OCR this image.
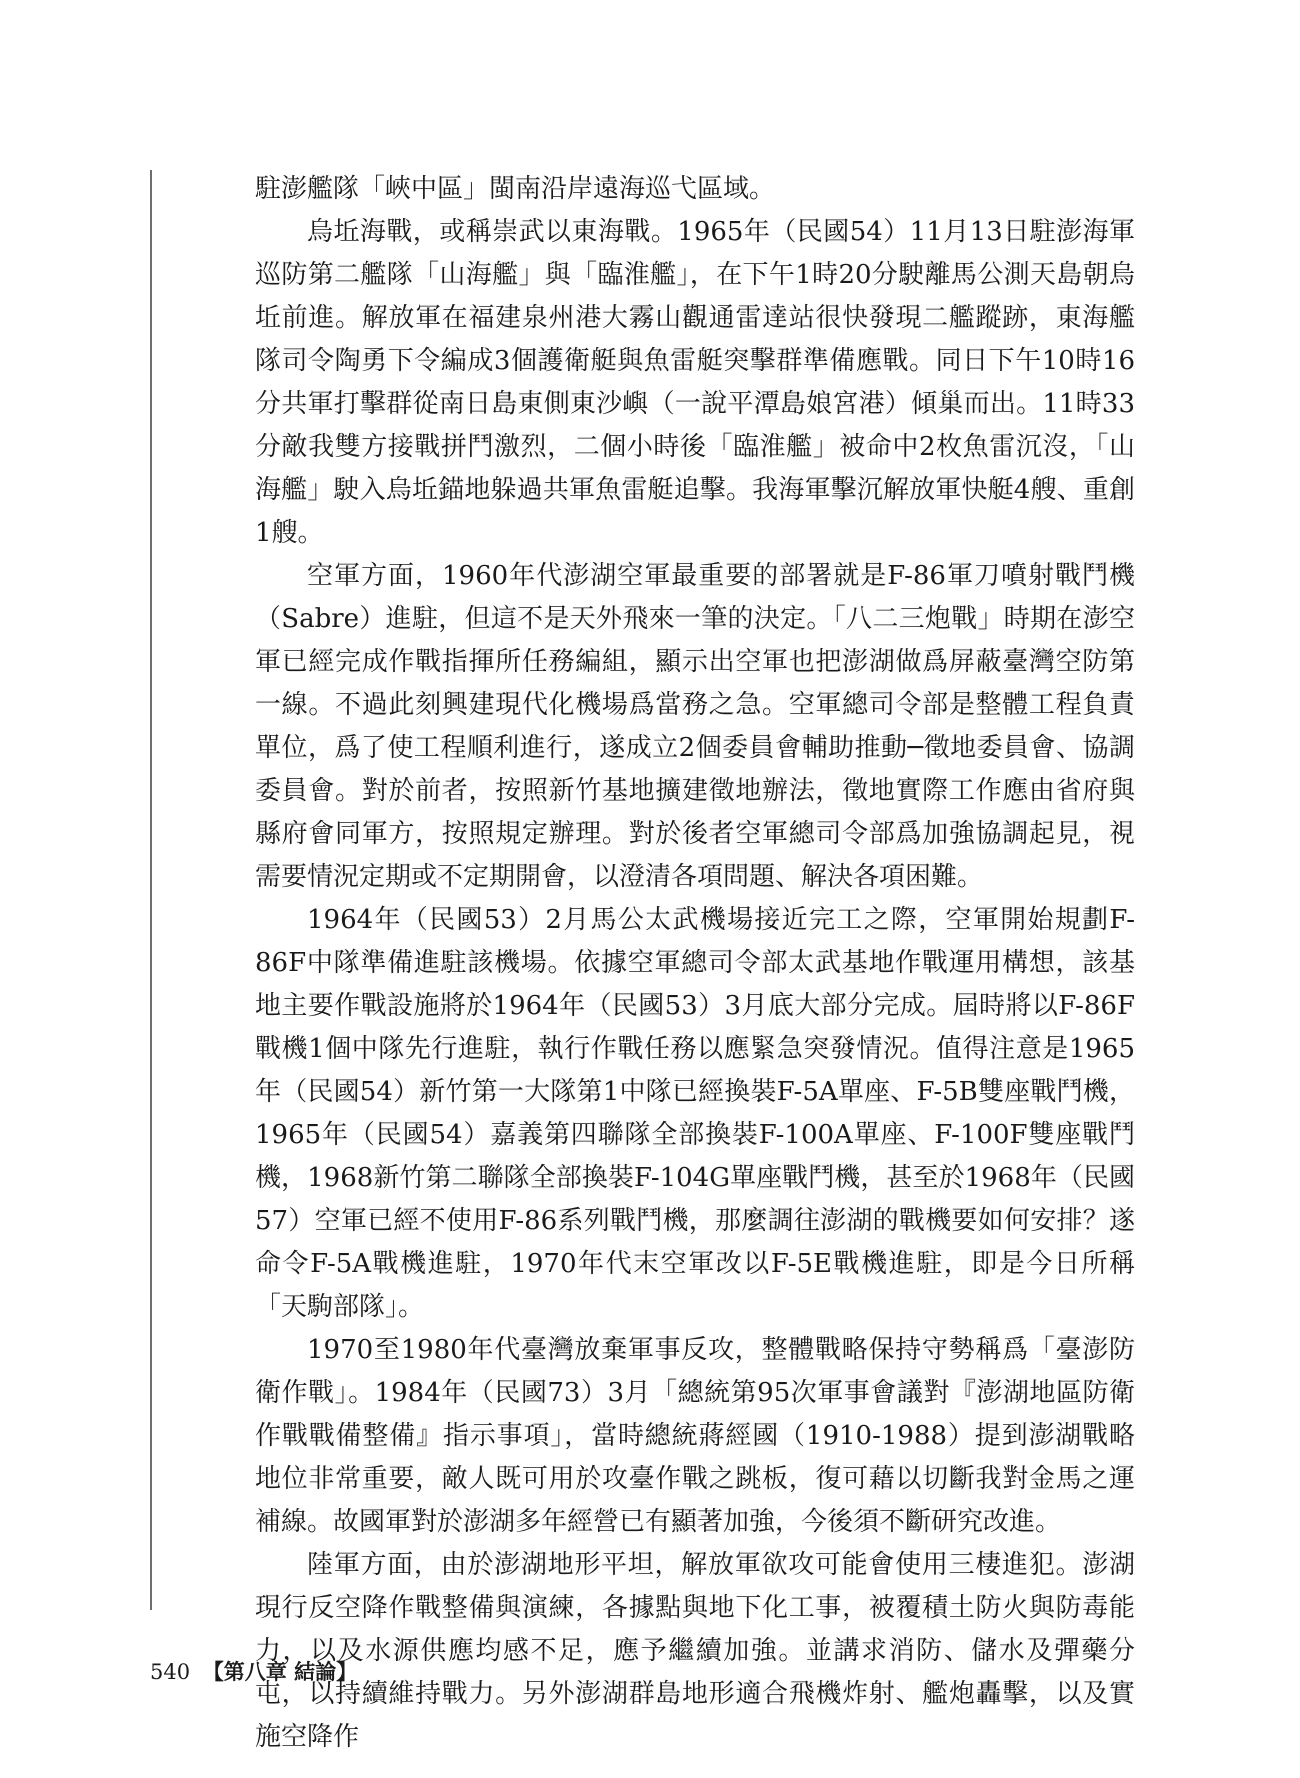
駐澎艦隊「峽中區」閩南沿岸遠海巡弋區域。

烏坵海戰，或稱崇武以東海戰。1965年（民國54）11月13日駐澎海軍巡防第二艦隊「山海艦」與「臨淮艦」，在下午1時20分駛離馬公測天島朝烏坵前進。解放軍在福建泉州港大霧山觀通雷達站很快發現二艦蹤跡，東海艦隊司令陶勇下令編成3個護衛艇與魚雷艇突擊群準備應戰。同日下午10時16分共軍打擊群從南日島東側東沙嶼（一說平潭島娘宮港）傾巢而出。11時33分敵我雙方接戰拼鬥激烈，二個小時後「臨淮艦」被命中2枚魚雷沉沒，「山海艦」駛入烏坵錨地躲過共軍魚雷艇追擊。我海軍擊沉解放軍快艇4艘、重創1艘。

空軍方面，1960年代澎湖空軍最重要的部署就是F-86軍刀噴射戰鬥機（Sabre）進駐，但這不是天外飛來一筆的決定。「八二三炮戰」時期在澎空軍已經完成作戰指揮所任務編組，顯示出空軍也把澎湖做爲屏蔽臺灣空防第一線。不過此刻興建現代化機場爲當務之急。空軍總司令部是整體工程負責單位，爲了使工程順利進行，遂成立2個委員會輔助推動─徵地委員會、協調委員會。對於前者，按照新竹基地擴建徵地辦法，徵地實際工作應由省府與縣府會同軍方，按照規定辦理。對於後者空軍總司令部爲加強協調起見，視需要情況定期或不定期開會，以澄清各項問題、解決各項困難。

1964年（民國53）2月馬公太武機場接近完工之際，空軍開始規劃F-86F中隊準備進駐該機場。依據空軍總司令部太武基地作戰運用構想，該基地主要作戰設施將於1964年（民國53）3月底大部分完成。屆時將以F-86F戰機1個中隊先行進駐，執行作戰任務以應緊急突發情況。值得注意是1965年（民國54）新竹第一大隊第1中隊已經換裝F-5A單座、F-5B雙座戰鬥機，1965年（民國54）嘉義第四聯隊全部換裝F-100A單座、F-100F雙座戰鬥機，1968新竹第二聯隊全部換裝F-104G單座戰鬥機，甚至於1968年（民國57）空軍已經不使用F-86系列戰鬥機，那麼調往澎湖的戰機要如何安排？遂命令F-5A戰機進駐，1970年代末空軍改以F-5E戰機進駐，即是今日所稱「天駒部隊」。

1970至1980年代臺灣放棄軍事反攻，整體戰略保持守勢稱爲「臺澎防衛作戰」。1984年（民國73）3月「總統第95次軍事會議對『澎湖地區防衛作戰戰備整備』指示事項」，當時總統蔣經國（1910-1988）提到澎湖戰略地位非常重要，敵人既可用於攻臺作戰之跳板，復可藉以切斷我對金馬之運補線。故國軍對於澎湖多年經營已有顯著加強，今後須不斷研究改進。

陸軍方面，由於澎湖地形平坦，解放軍欲攻可能會使用三棲進犯。澎湖現行反空降作戰整備與演練，各據點與地下化工事，被覆積土防火與防毒能力，以及水源供應均感不足，應予繼續加強。並講求消防、儲水及彈藥分屯，以持續維持戰力。另外澎湖群島地形適合飛機炸射、艦炮轟擊，以及實施空降作

540 【第八章 結論】
